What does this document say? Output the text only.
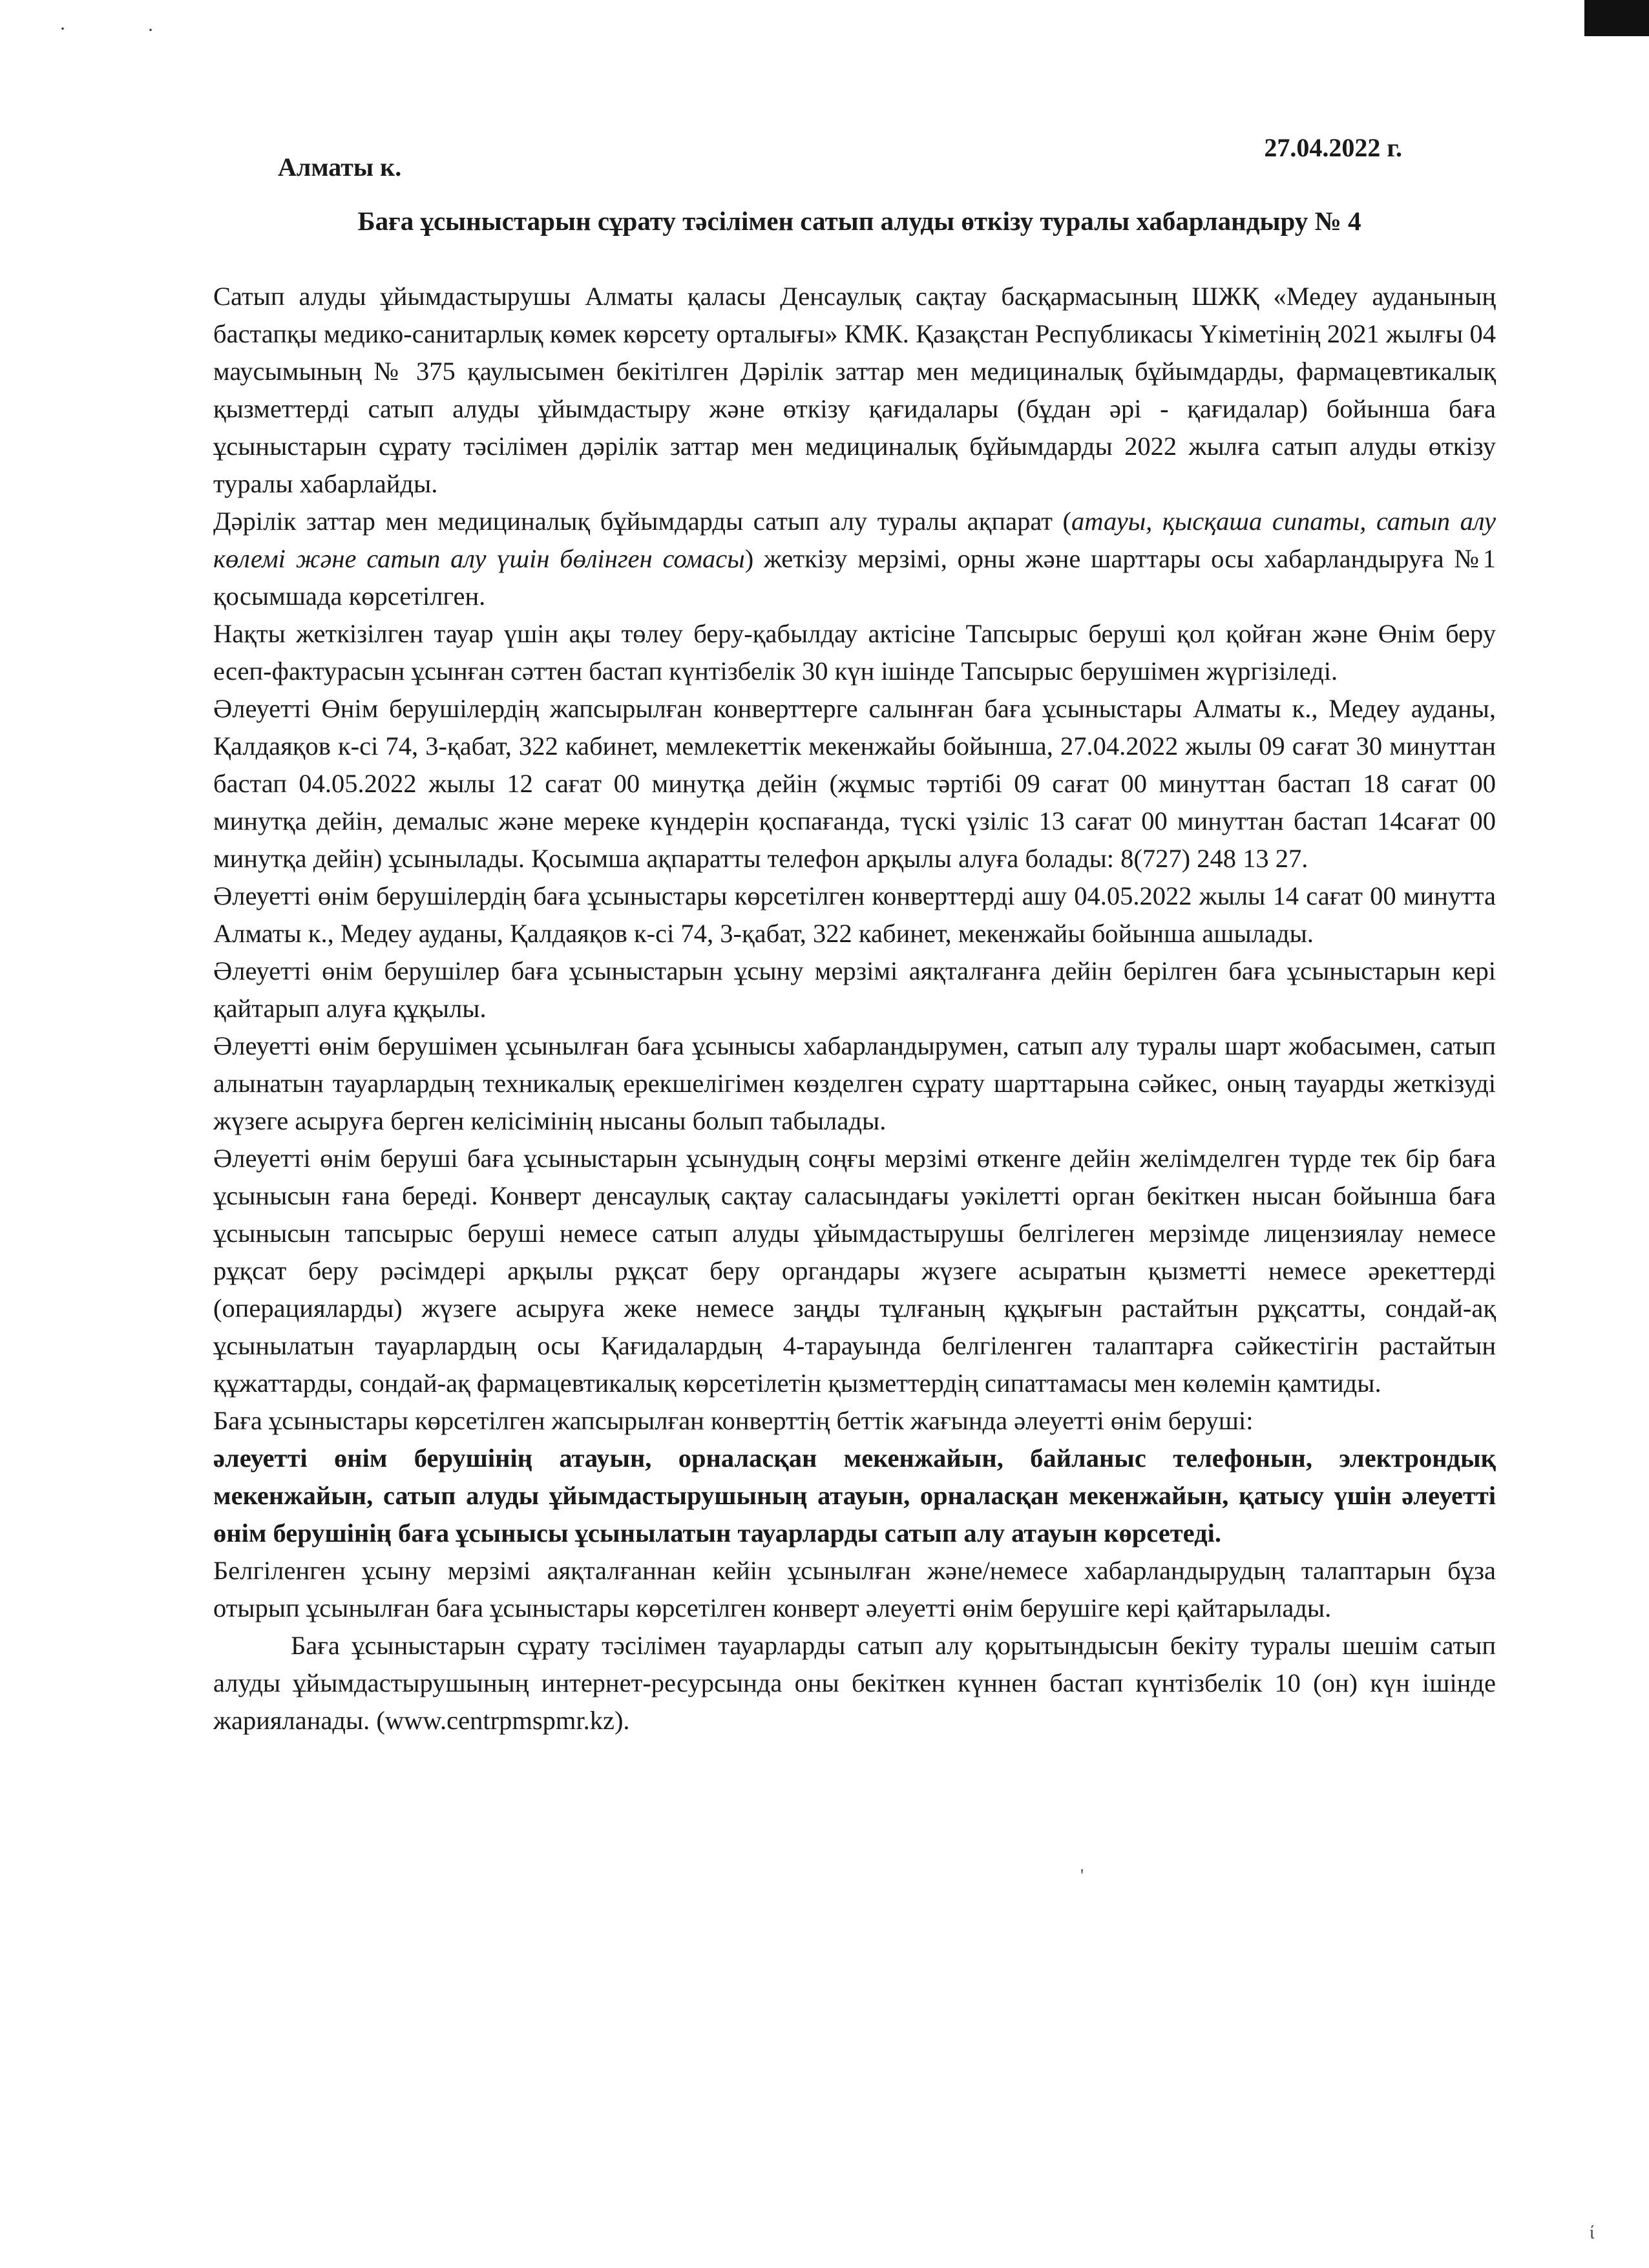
·	·
Алматы к.
27.04.2022 г.
Баға ұсыныстарын сұрату тәсілімен сатып алуды өткізу туралы хабарландыру № 4

Сатып алуды ұйымдастырушы Алматы қаласы Денсаулық сақтау басқармасының ШЖҚ «Медеу ауданының бастапқы медико-санитарлық көмек көрсету орталығы» КМК. Қазақстан Республикасы Үкіметінің 2021 жылғы 04 маусымының № 375 қаулысымен бекітілген Дәрілік заттар мен медициналық бұйымдарды, фармацевтикалық қызметтерді сатып алуды ұйымдастыру және өткізу қағидалары (бұдан әрі - қағидалар) бойынша баға ұсыныстарын сұрату тәсілімен дәрілік заттар мен медициналық бұйымдарды 2022 жылға сатып алуды өткізу туралы хабарлайды.

Дәрілік заттар мен медициналық бұйымдарды сатып алу туралы ақпарат (атауы, қысқаша сипаты, сатып алу көлемі және сатып алу үшін бөлінген сомасы) жеткізу мерзімі, орны және шарттары осы хабарландыруға №1 қосымшада көрсетілген.

Нақты жеткізілген тауар үшін ақы төлеу беру-қабылдау актісіне Тапсырыс беруші қол қойған және Өнім беру есеп-фактурасын ұсынған сәттен бастап күнтізбелік 30 күн ішінде Тапсырыс берушімен жүргізіледі.

Әлеуетті Өнім берушілердің жапсырылған конверттерге салынған баға ұсыныстары Алматы к., Медеу ауданы, Қалдаяқов к-сі 74, 3-қабат, 322 кабинет, мемлекеттік мекенжайы бойынша, 27.04.2022 жылы 09 сағат 30 минуттан бастап 04.05.2022 жылы 12 сағат 00 минутқа дейін (жұмыс тәртібі 09 сағат 00 минуттан бастап 18 сағат 00 минутқа дейін, демалыс және мереке күндерін қоспағанда, түскі үзіліс 13 сағат 00 минуттан бастап 14сағат 00 минутқа дейін) ұсынылады. Қосымша ақпаратты телефон арқылы алуға болады: 8(727) 248 13 27.

Әлеуетті өнім берушілердің баға ұсыныстары көрсетілген конверттерді ашу 04.05.2022 жылы 14 сағат 00 минутта Алматы к., Медеу ауданы, Қалдаяқов к-сі 74, 3-қабат, 322 кабинет, мекенжайы бойынша ашылады.

Әлеуетті өнім берушілер баға ұсыныстарын ұсыну мерзімі аяқталғанға дейін берілген баға ұсыныстарын кері қайтарып алуға құқылы.

Әлеуетті өнім берушімен ұсынылған баға ұсынысы хабарландырумен, сатып алу туралы шарт жобасымен, сатып алынатын тауарлардың техникалық ерекшелігімен көзделген сұрату шарттарына сәйкес, оның тауарды жеткізуді жүзеге асыруға берген келісімінің нысаны болып табылады.

Әлеуетті өнім беруші баға ұсыныстарын ұсынудың соңғы мерзімі өткенге дейін желімделген түрде тек бір баға ұсынысын ғана береді. Конверт денсаулық сақтау саласындағы уәкілетті орган бекіткен нысан бойынша баға ұсынысын тапсырыс беруші немесе сатып алуды ұйымдастырушы белгілеген мерзімде лицензиялау немесе рұқсат беру рәсімдері арқылы рұқсат беру органдары жүзеге асыратын қызметті немесе әрекеттерді (операцияларды) жүзеге асыруға жеке немесе заңды тұлғаның құқығын растайтын рұқсатты, сондай-ақ ұсынылатын тауарлардың осы Қағидалардың 4-тарауында белгіленген талаптарға сәйкестігін растайтын құжаттарды, сондай-ақ фармацевтикалық көрсетілетін қызметтердің сипаттамасы мен көлемін қамтиды.

Баға ұсыныстары көрсетілген жапсырылған конверттің беттік жағында әлеуетті өнім беруші:

әлеуетті өнім берушінің атауын, орналасқан мекенжайын, байланыс телефонын, электрондық мекенжайын, сатып алуды ұйымдастырушының атауын, орналасқан мекенжайын, қатысу үшін әлеуетті өнім берушінің баға ұсынысы ұсынылатын тауарларды сатып алу атауын көрсетеді.

Белгіленген ұсыну мерзімі аяқталғаннан кейін ұсынылған және/немесе хабарландырудың талаптарын бұза отырып ұсынылған баға ұсыныстары көрсетілген конверт әлеуетті өнім берушіге кері қайтарылады.

Баға ұсыныстарын сұрату тәсілімен тауарларды сатып алу қорытындысын бекіту туралы шешім сатып алуды ұйымдастырушының интернет-ресурсында оны бекіткен күннен бастап күнтізбелік 10 (он) күн ішінде жарияланады. (www.centrpmspmr.kz).

'
ί
